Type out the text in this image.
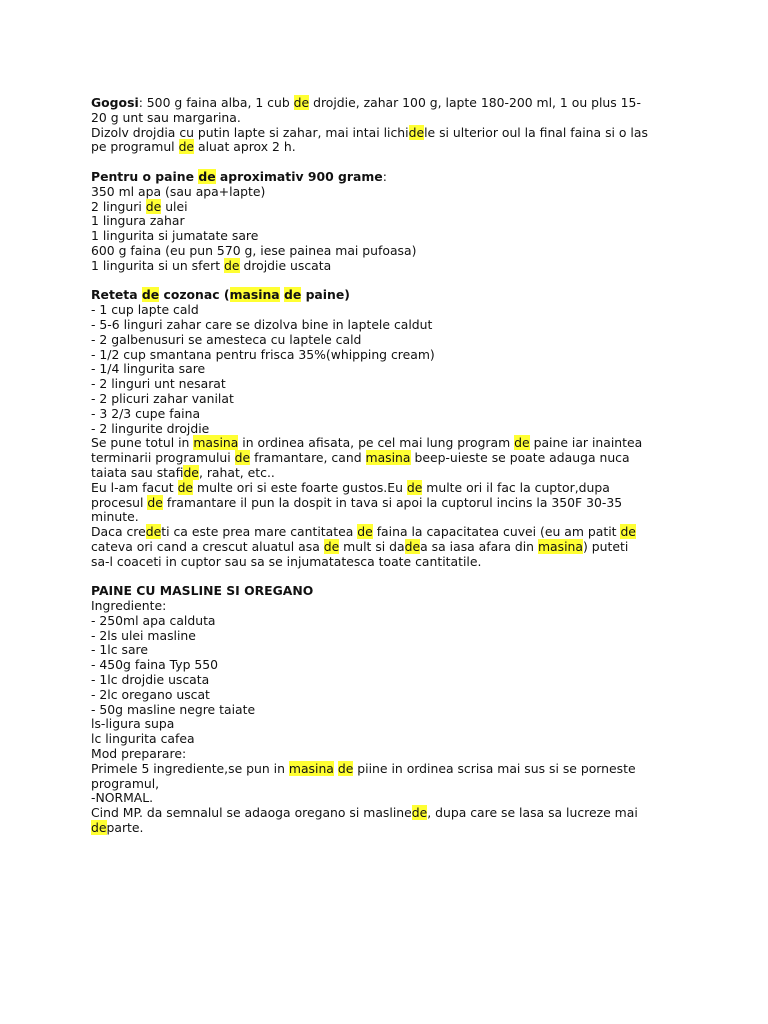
Gogosi: 500 g faina alba, 1 cub de drojdie, zahar 100 g, lapte 180-200 ml, 1 ou plus 15-
20 g unt sau margarina.
Dizolv drojdia cu putin lapte si zahar, mai intai lichidele si ulterior oul la final faina si o las
pe programul de aluat aprox 2 h.
Pentru o paine de aproximativ 900 grame:
350 ml apa (sau apa+lapte)
2 linguri de ulei
1 lingura zahar
1 lingurita si jumatate sare
600 g faina (eu pun 570 g, iese painea mai pufoasa)
1 lingurita si un sfert de drojdie uscata
Reteta de cozonac (masina de paine)
- 1 cup lapte cald
- 5-6 linguri zahar care se dizolva bine in laptele caldut
- 2 galbenusuri se amesteca cu laptele cald
- 1/2 cup smantana pentru frisca 35%(whipping cream)
- 1/4 lingurita sare
- 2 linguri unt nesarat
- 2 plicuri zahar vanilat
- 3 2/3 cupe faina
- 2 lingurite drojdie
Se pune totul in masina in ordinea afisata, pe cel mai lung program de paine iar inaintea
terminarii programului de framantare, cand masina beep-uieste se poate adauga nuca
taiata sau stafide, rahat, etc..
Eu l-am facut de multe ori si este foarte gustos.Eu de multe ori il fac la cuptor,dupa
procesul de framantare il pun la dospit in tava si apoi la cuptorul incins la 350F 30-35
minute.
Daca credeti ca este prea mare cantitatea de faina la capacitatea cuvei (eu am patit de
cateva ori cand a crescut aluatul asa de mult si dadea sa iasa afara din masina) puteti
sa-l coaceti in cuptor sau sa se injumatatesca toate cantitatile.
PAINE CU MASLINE SI OREGANO
Ingrediente:
- 250ml apa calduta
- 2ls ulei masline
- 1lc sare
- 450g faina Typ 550
- 1lc drojdie uscata
- 2lc oregano uscat
- 50g masline negre taiate
ls-ligura supa
lc lingurita cafea
Mod preparare:
Primele 5 ingrediente,se pun in masina de piine in ordinea scrisa mai sus si se porneste
programul,
-NORMAL.
Cind MP. da semnalul se adaoga oregano si maslinede, dupa care se lasa sa lucreze mai
departe.
